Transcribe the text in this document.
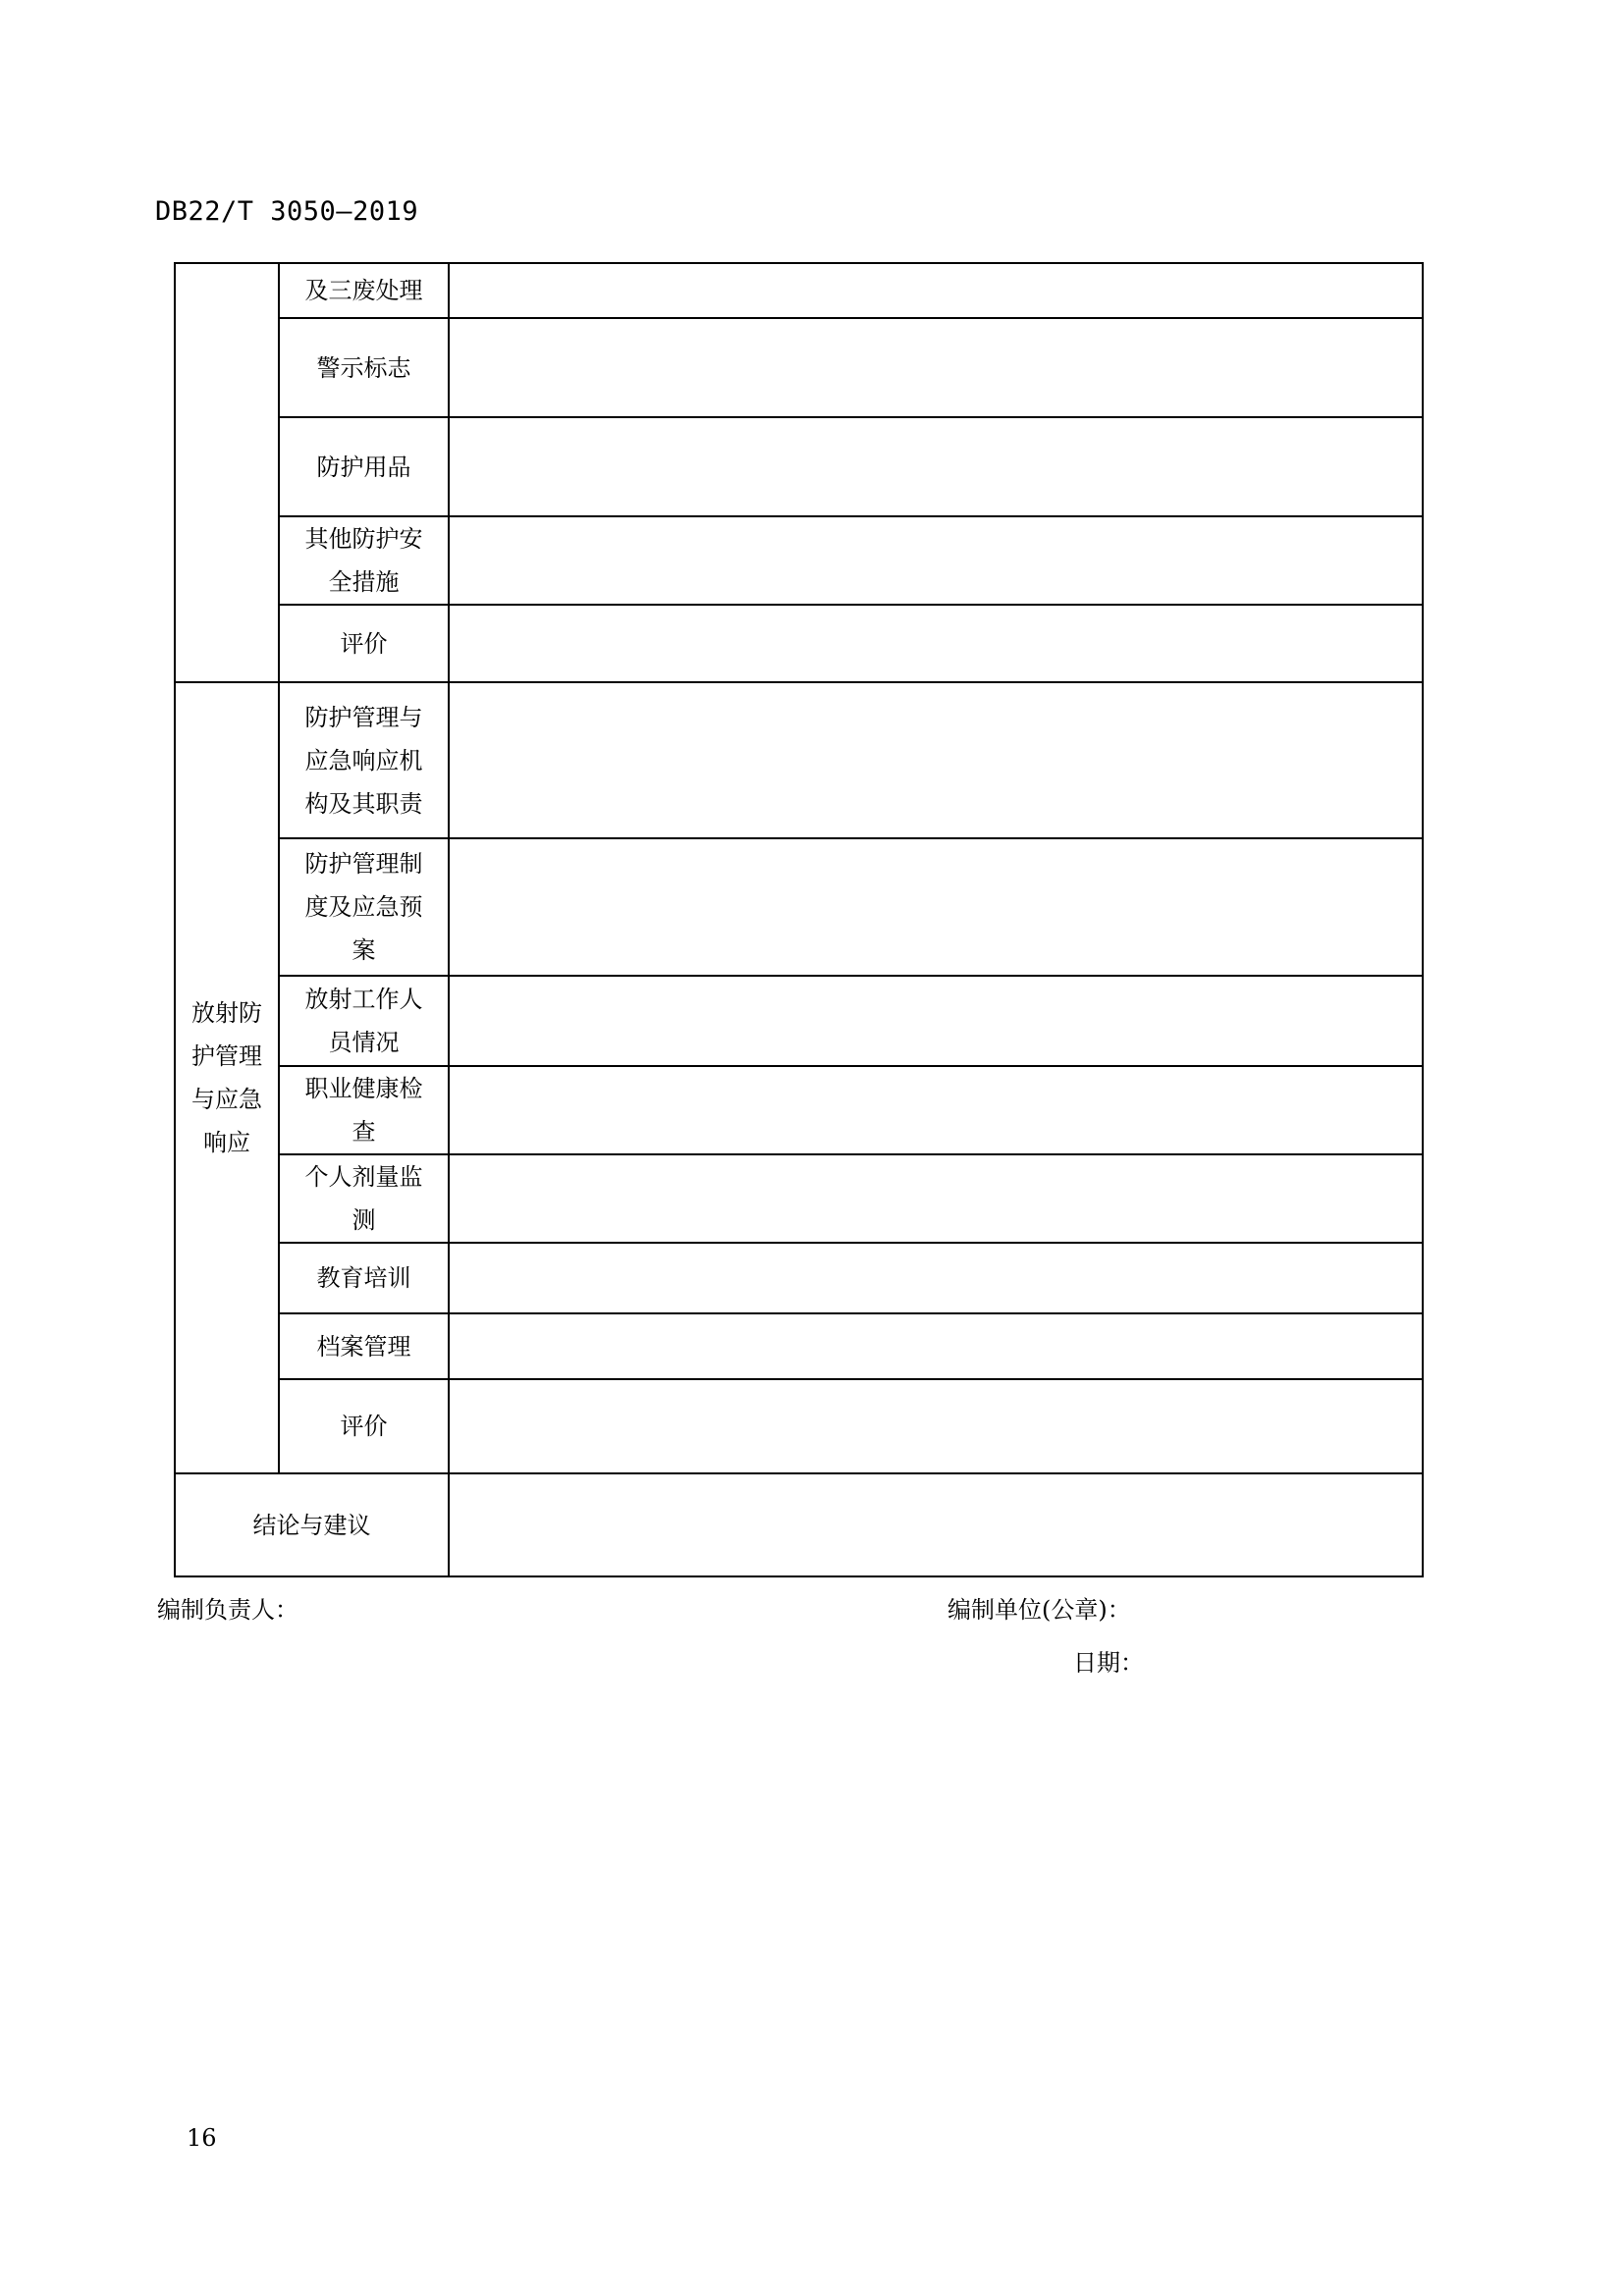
DB22/T 3050—2019
	及三废处理	
	警示标志	
	防护用品	
	其他防护安全措施	
	评价	
放射防护管理与应急响应	防护管理与应急响应机构及其职责	
	防护管理制度及应急预案	
	放射工作人员情况	
	职业健康检查	
	个人剂量监测	
	教育培训	
	档案管理	
	评价	
结论与建议		
编制负责人：	编制单位(公章)：
日期：
16
